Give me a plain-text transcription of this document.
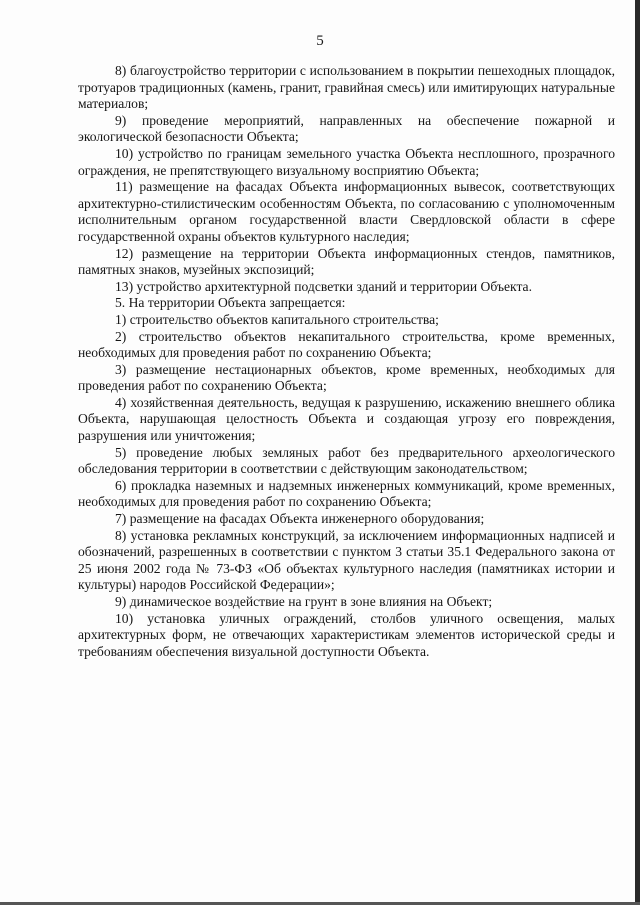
5

8) благоустройство территории с использованием в покрытии пешеходных площадок, тротуаров традиционных (камень, гранит, гравийная смесь) или имитирующих натуральные материалов;

9) проведение мероприятий, направленных на обеспечение пожарной и экологической безопасности Объекта;

10) устройство по границам земельного участка Объекта несплошного, прозрачного ограждения, не препятствующего визуальному восприятию Объекта;

11) размещение на фасадах Объекта информационных вывесок, соответствующих архитектурно-стилистическим особенностям Объекта, по согласованию с уполномоченным исполнительным органом государственной власти Свердловской области в сфере государственной охраны объектов культурного наследия;

12) размещение на территории Объекта информационных стендов, памятников, памятных знаков, музейных экспозиций;

13) устройство архитектурной подсветки зданий и территории Объекта.

5. На территории Объекта запрещается:

1) строительство объектов капитального строительства;

2) строительство объектов некапитального строительства, кроме временных, необходимых для проведения работ по сохранению Объекта;

3) размещение нестационарных объектов, кроме временных, необходимых для проведения работ по сохранению Объекта;

4) хозяйственная деятельность, ведущая к разрушению, искажению внешнего облика Объекта, нарушающая целостность Объекта и создающая угрозу его повреждения, разрушения или уничтожения;

5) проведение любых земляных работ без предварительного археологического обследования территории в соответствии с действующим законодательством;

6) прокладка наземных и надземных инженерных коммуникаций, кроме временных, необходимых для проведения работ по сохранению Объекта;

7) размещение на фасадах Объекта инженерного оборудования;

8) установка рекламных конструкций, за исключением информационных надписей и обозначений, разрешенных в соответствии с пунктом 3 статьи 35.1 Федерального закона от 25 июня 2002 года № 73-ФЗ «Об объектах культурного наследия (памятниках истории и культуры) народов Российской Федерации»;

9) динамическое воздействие на грунт в зоне влияния на Объект;

10) установка уличных ограждений, столбов уличного освещения, малых архитектурных форм, не отвечающих характеристикам элементов исторической среды и требованиям обеспечения визуальной доступности Объекта.
